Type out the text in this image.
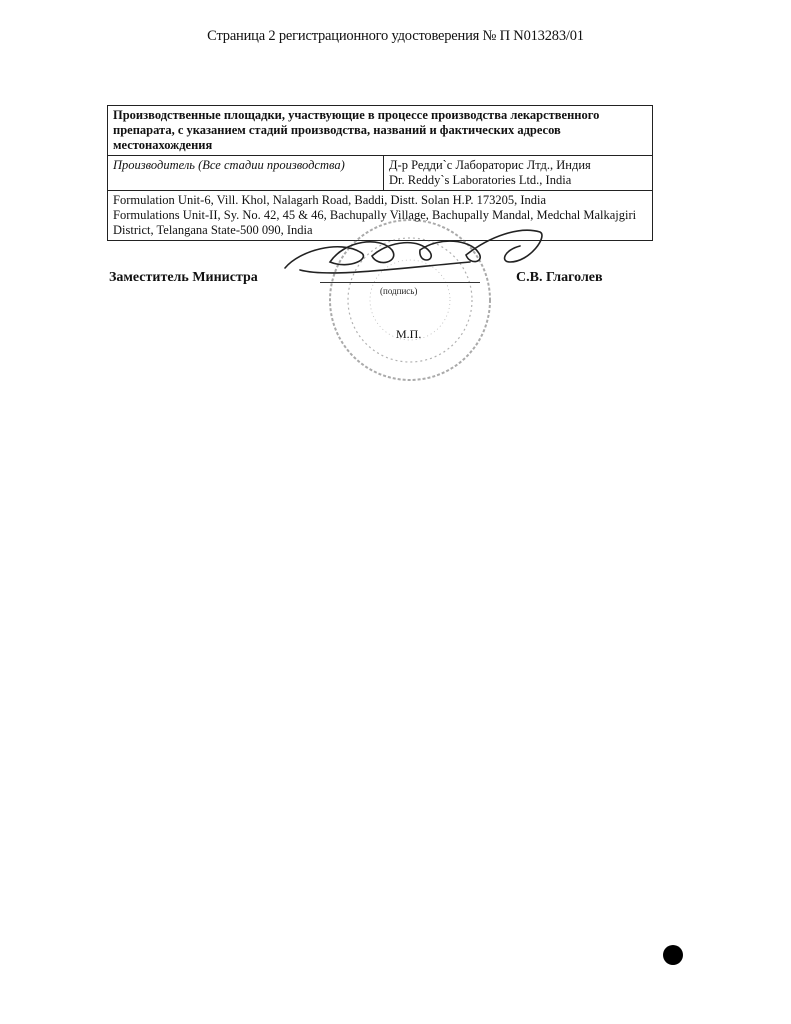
Страница 2 регистрационного удостоверения № П N013283/01
Производственные площадки, участвующие в процессе производства лекарственного препарата, с указанием стадий производства, названий и фактических адресов местонахождения
Производитель (Все стадии производства)	Д-р Редди`с Лабораторис Лтд., Индия
Dr. Reddy`s Laboratories Ltd., India

Formulation Unit-6, Vill. Khol, Nalagarh Road, Baddi, Distt. Solan H.P. 173205, India
Formulations Unit-II, Sy. No. 42, 45 & 46, Bachupally Village, Bachupally Mandal, Medchal Malkajgiri District, Telangana State-500 090, India
Заместитель Министра
(подпись)
С.В. Глаголев
М.П.
